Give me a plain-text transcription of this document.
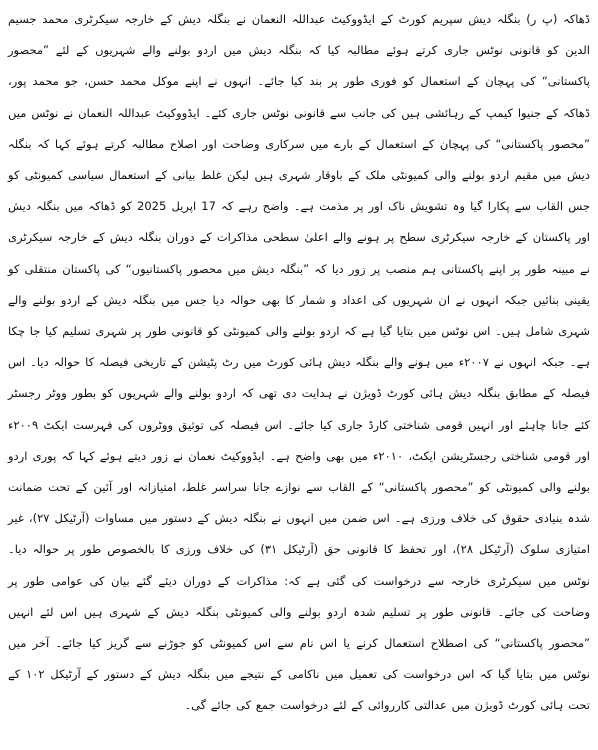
ڈھاکہ (پ ر) بنگلہ دیش سپریم کورٹ کے ایڈووکیٹ عبداللہ النعمان نے بنگلہ دیش کے خارجہ سیکرٹری محمد جسیم الدین کو قانونی نوٹس جاری کرتے ہوئے مطالبہ کیا کہ بنگلہ دیش میں اردو بولنے والے شہریوں کے لئے ”محصور پاکستانی“ کی پہچان کے استعمال کو فوری طور پر بند کیا جائے۔ انہوں نے اپنے موکل محمد حسن، جو محمد پور، ڈھاکہ کے جنیوا کیمپ کے رہائشی ہیں کی جانب سے قانونی نوٹس جاری کئے۔ ایڈووکیٹ عبداللہ النعمان نے نوٹس میں ”محصور پاکستانی“ کی پہچان کے استعمال کے بارے میں سرکاری وضاحت اور اصلاح مطالبہ کرتے ہوئے کہا کہ بنگلہ دیش میں مقیم اردو بولنے والی کمیونٹی ملک کے باوقار شہری ہیں لیکن غلط بیانی کے استعمال سیاسی کمیونٹی کو جس القاب سے پکارا گیا وہ تشویش ناک اور پر مذمت ہے۔ واضح رہے کہ 17 اپریل 2025 کو ڈھاکہ میں بنگلہ دیش اور پاکستان کے خارجہ سیکرٹری سطح پر ہونے والے اعلیٰ سطحی مذاکرات کے دوران بنگلہ دیش کے خارجہ سیکرٹری نے مبینہ طور پر اپنے پاکستانی ہم منصب پر زور دیا کہ ”بنگلہ دیش میں محصور پاکستانیوں“ کی پاکستان منتقلی کو یقینی بنائیں جبکہ انہوں نے ان شہریوں کی اعداد و شمار کا بھی حوالہ دیا جس میں بنگلہ دیش کے اردو بولنے والے شہری شامل ہیں۔ اس نوٹس میں بتایا گیا ہے کہ اردو بولنے والی کمیونٹی کو قانونی طور پر شہری تسلیم کیا جا چکا ہے۔ جبکہ انہوں نے ۲۰۰۷ء میں ہونے والے بنگلہ دیش ہائی کورٹ میں رٹ پٹیشن کے تاریخی فیصلہ کا حوالہ دیا۔ اس فیصلہ کے مطابق بنگلہ دیش ہائی کورٹ ڈویژن نے ہدایت دی تھی کہ اردو بولنے والے شہریوں کو بطور ووٹر رجسٹر کئے جانا چاہئے اور انہیں قومی شناختی کارڈ جاری کیا جائے۔ اس فیصلہ کی توثیق ووٹروں کی فہرست ایکٹ ۲۰۰۹ء اور قومی شناختی رجسٹریشن ایکٹ، ۲۰۱۰ء میں بھی واضح ہے۔ ایڈووکیٹ نعمان نے زور دیتے ہوئے کہا کہ پوری اردو بولنے والی کمیونٹی کو ”محصور پاکستانی“ کے القاب سے نوازے جانا سراسر غلط، امتیازانہ اور آئین کے تحت ضمانت شدہ بنیادی حقوق کی خلاف ورزی ہے۔ اس ضمن میں انہوں نے بنگلہ دیش کے دستور میں مساوات (آرٹیکل ۲۷)، غیر امتیازی سلوک (آرٹیکل ۲۸)، اور تحفظ کا قانونی حق (آرٹیکل ۳۱) کی خلاف ورزی کا بالخصوص طور پر حوالہ دیا۔ نوٹس میں سیکرٹری خارجہ سے درخواست کی گئی ہے کہ: مذاکرات کے دوران دیئے گئے بیان کی عوامی طور پر وضاحت کی جائے۔ قانونی طور پر تسلیم شدہ اردو بولنے والی کمیونٹی بنگلہ دیش کے شہری ہیں اس لئے انہیں ”محصور پاکستانی“ کی اصطلاح استعمال کرنے یا اس نام سے اس کمیونٹی کو جوڑنے سے گریز کیا جائے۔ آخر میں نوٹس میں بتایا گیا کہ اس درخواست کی تعمیل میں ناکامی کے نتیجے میں بنگلہ دیش کے دستور کے آرٹیکل ۱۰۲ کے تحت ہائی کورٹ ڈویژن میں عدالتی کارروائی کے لئے درخواست جمع کی جائے گی۔
